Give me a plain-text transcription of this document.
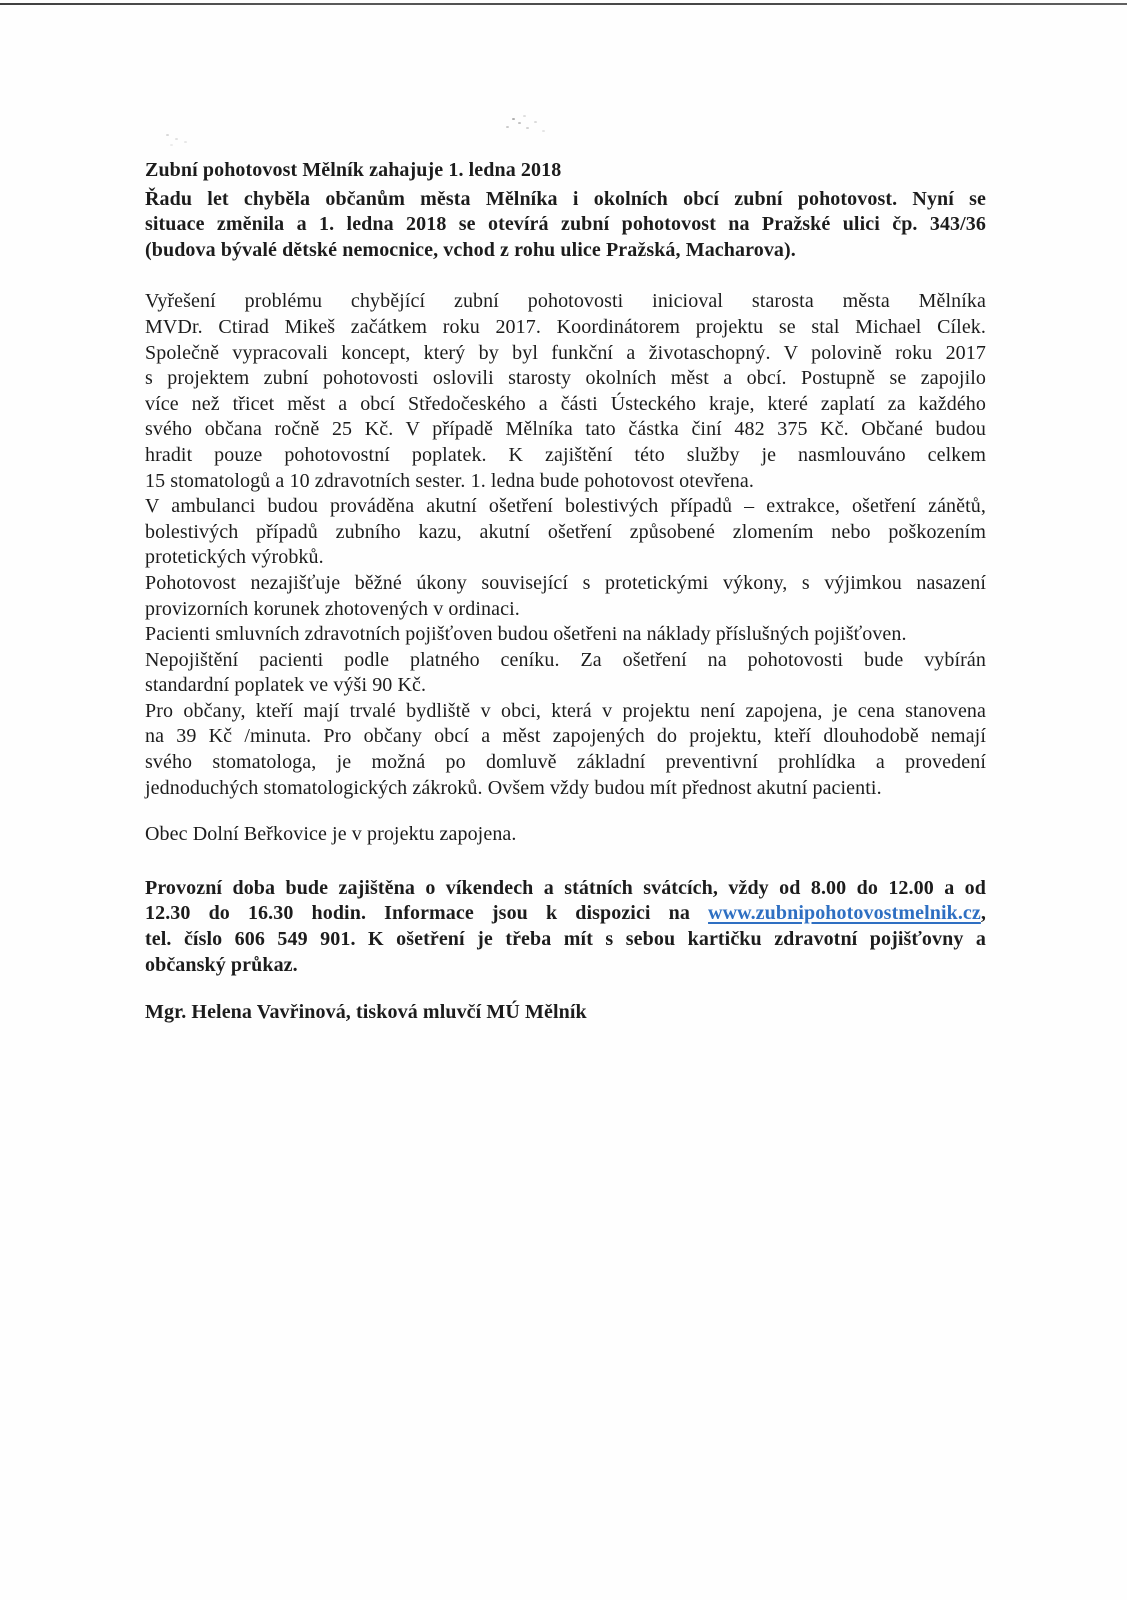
Zubní pohotovost Mělník zahajuje 1. ledna 2018
Řadu let chyběla občanům města Mělníka i okolních obcí zubní pohotovost. Nyní se
situace změnila a 1. ledna 2018 se otevírá zubní pohotovost na Pražské ulici čp. 343/36
(budova bývalé dětské nemocnice, vchod z rohu ulice Pražská, Macharova).
Vyřešení problému chybějící zubní pohotovosti inicioval starosta města Mělníka
MVDr. Ctirad Mikeš začátkem roku 2017. Koordinátorem projektu se stal Michael Cílek.
Společně vypracovali koncept, který by byl funkční a životaschopný. V polovině roku 2017
s projektem zubní pohotovosti oslovili starosty okolních měst a obcí. Postupně se zapojilo
více než třicet měst a obcí Středočeského a části Ústeckého kraje, které zaplatí za každého
svého občana ročně 25 Kč. V případě Mělníka tato částka činí 482 375 Kč. Občané budou
hradit pouze pohotovostní poplatek. K zajištění této služby je nasmlouváno celkem
15 stomatologů a 10 zdravotních sester. 1. ledna bude pohotovost otevřena.
V ambulanci budou prováděna akutní ošetření bolestivých případů – extrakce, ošetření zánětů,
bolestivých případů zubního kazu, akutní ošetření způsobené zlomením nebo poškozením
protetických výrobků.
Pohotovost nezajišťuje běžné úkony související s protetickými výkony, s výjimkou nasazení
provizorních korunek zhotovených v ordinaci.
Pacienti smluvních zdravotních pojišťoven budou ošetřeni na náklady příslušných pojišťoven.
Nepojištění pacienti podle platného ceníku. Za ošetření na pohotovosti bude vybírán
standardní poplatek ve výši 90 Kč.
Pro občany, kteří mají trvalé bydliště v obci, která v projektu není zapojena, je cena stanovena
na 39 Kč /minuta. Pro občany obcí a měst zapojených do projektu, kteří dlouhodobě nemají
svého stomatologa, je možná po domluvě základní preventivní prohlídka a provedení
jednoduchých stomatologických zákroků. Ovšem vždy budou mít přednost akutní pacienti.
Obec Dolní Beřkovice je v projektu zapojena.
Provozní doba bude zajištěna o víkendech a státních svátcích, vždy od 8.00 do 12.00 a od
12.30 do 16.30 hodin. Informace jsou k dispozici na www.zubnipohotovostmelnik.cz,
tel. číslo 606 549 901. K ošetření je třeba mít s sebou kartičku zdravotní pojišťovny a
občanský průkaz.
Mgr. Helena Vavřinová, tisková mluvčí MÚ Mělník
